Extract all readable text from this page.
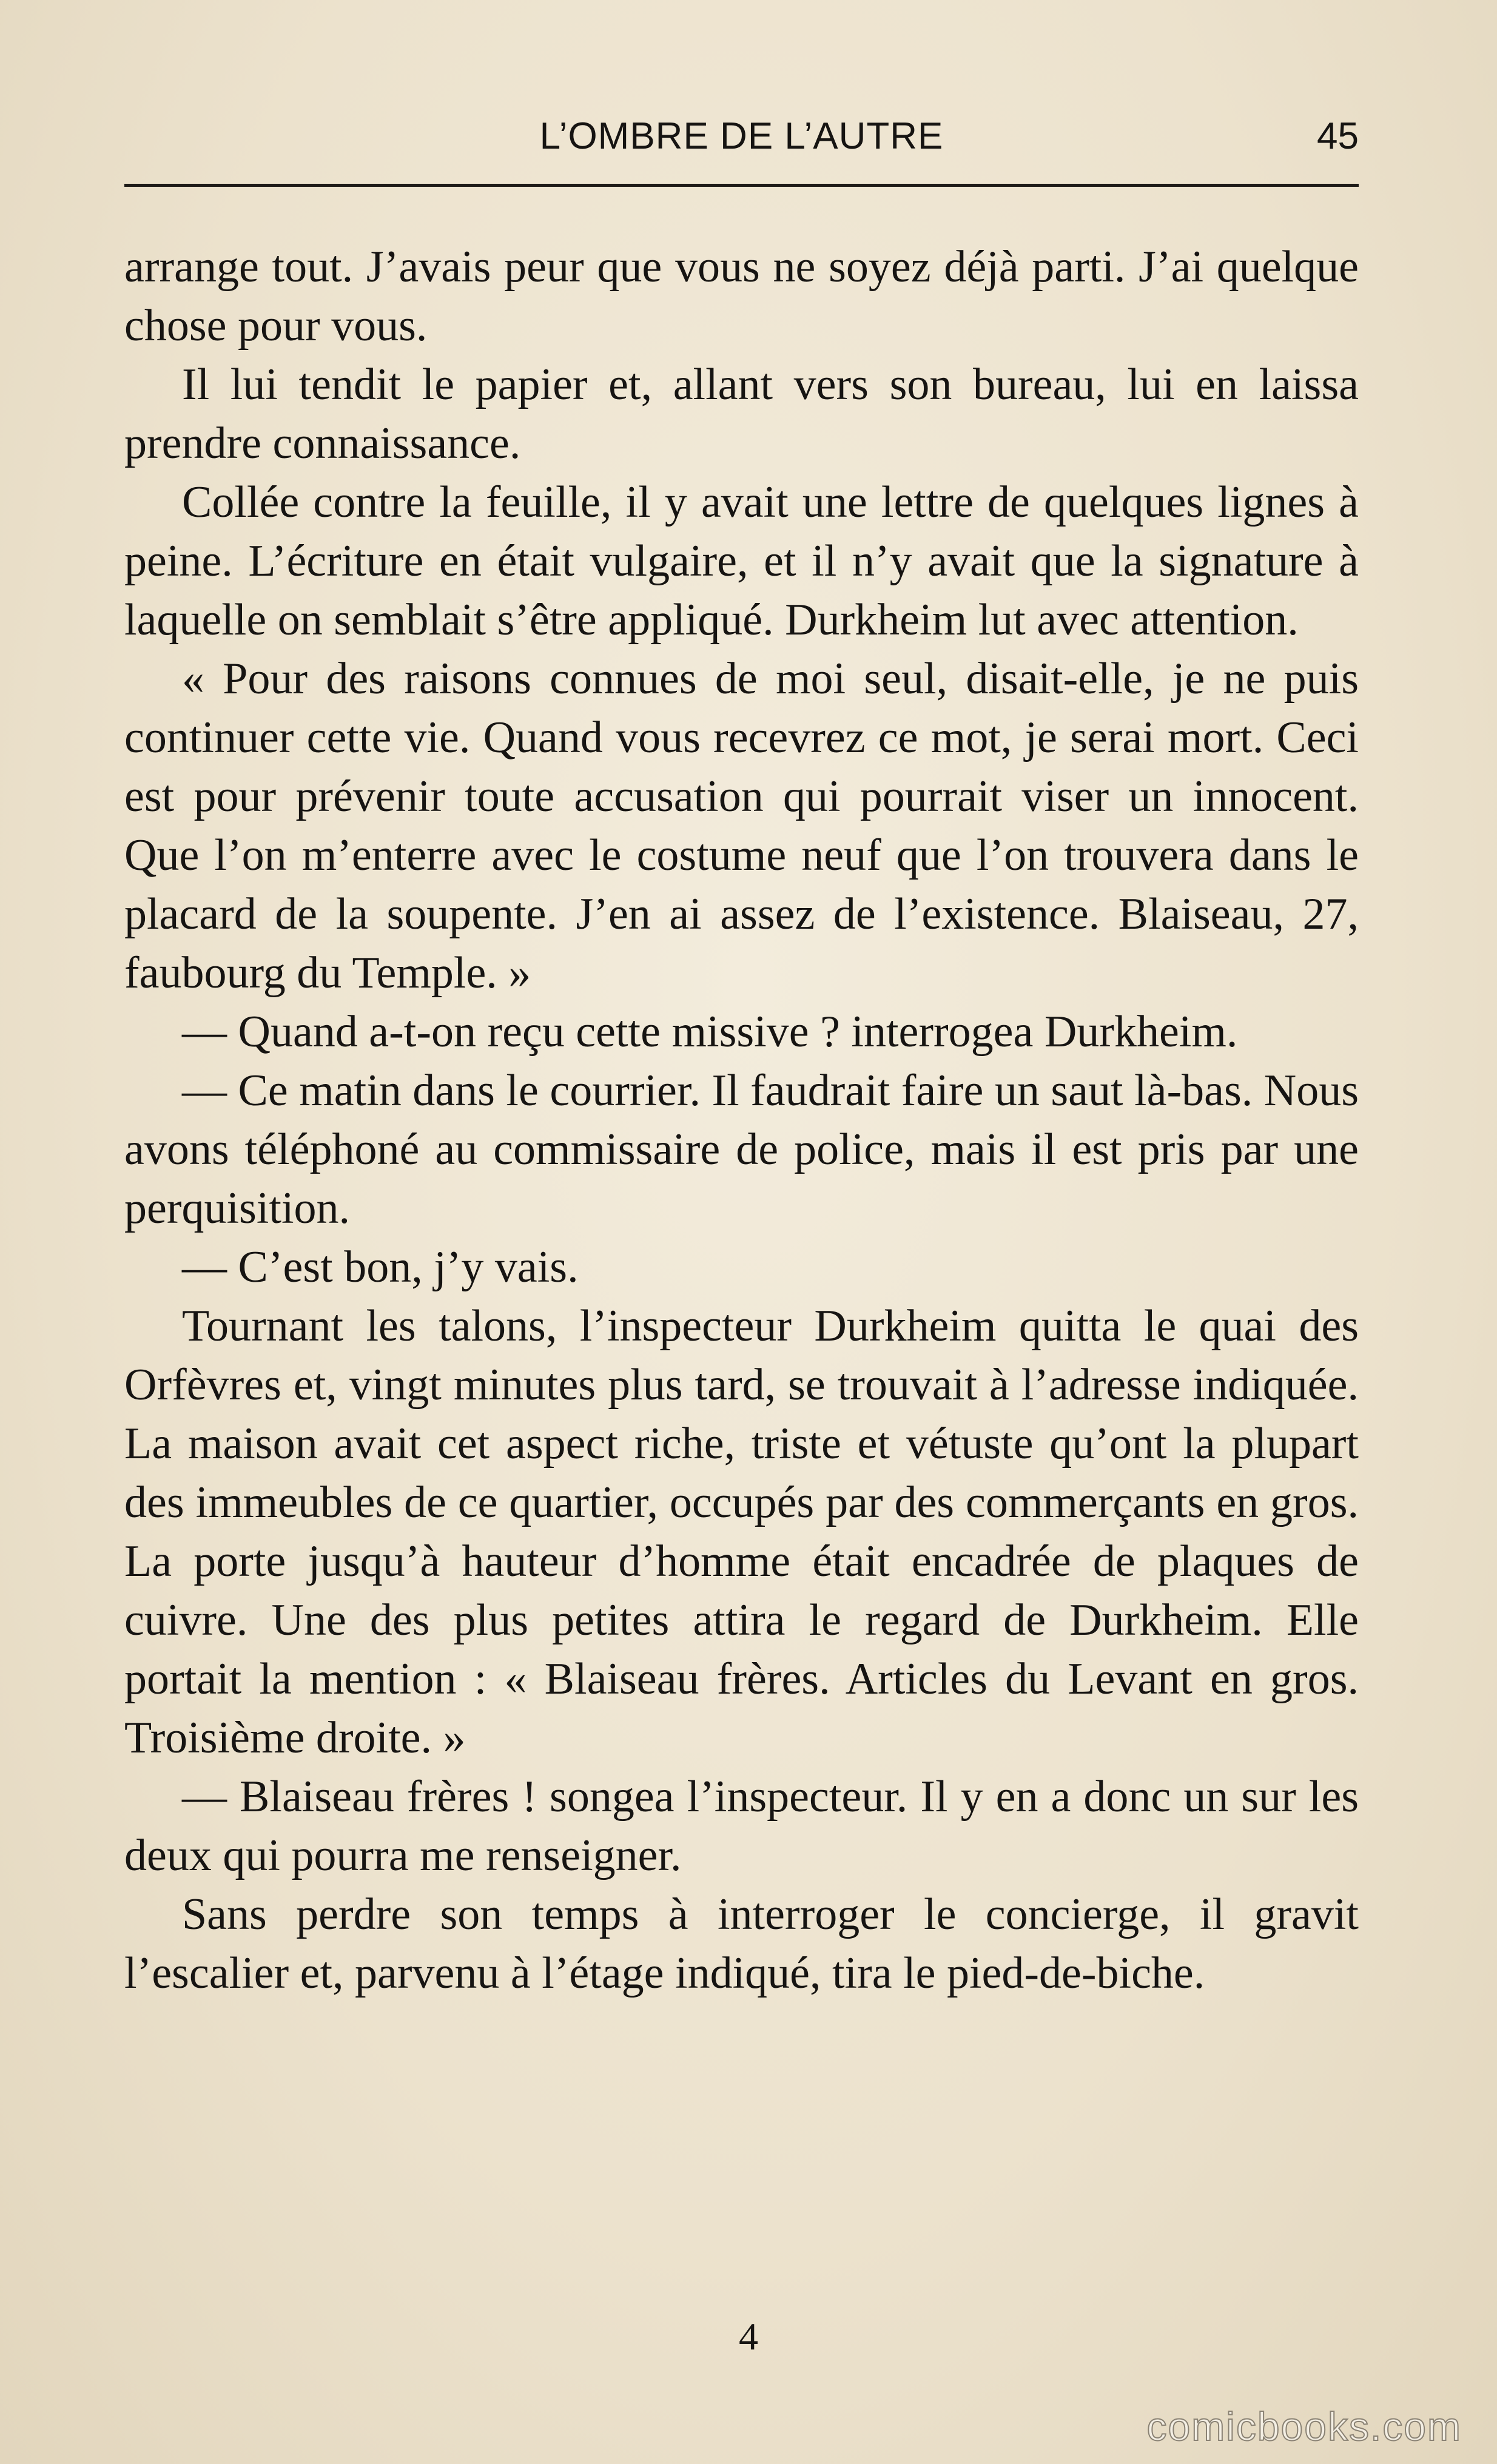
L’OMBRE DE L’AUTRE	45

arrange tout. J’avais peur que vous ne soyez déjà parti. J’ai quelque chose pour vous.

Il lui tendit le papier et, allant vers son bureau, lui en laissa prendre connaissance.

Collée contre la feuille, il y avait une lettre de quelques lignes à peine. L’écriture en était vulgaire, et il n’y avait que la signature à laquelle on semblait s’être appliqué. Durkheim lut avec attention.

« Pour des raisons connues de moi seul, disait-elle, je ne puis continuer cette vie. Quand vous recevrez ce mot, je serai mort. Ceci est pour prévenir toute accusation qui pourrait viser un innocent. Que l’on m’enterre avec le costume neuf que l’on trouvera dans le placard de la soupente. J’en ai assez de l’existence. Blaiseau, 27, faubourg du Temple. »

— Quand a-t-on reçu cette missive ? interrogea Durkheim.

— Ce matin dans le courrier. Il faudrait faire un saut là-bas. Nous avons téléphoné au commissaire de police, mais il est pris par une perquisition.

— C’est bon, j’y vais.

Tournant les talons, l’inspecteur Durkheim quitta le quai des Orfèvres et, vingt minutes plus tard, se trouvait à l’adresse indiquée. La maison avait cet aspect riche, triste et vétuste qu’ont la plupart des immeubles de ce quartier, occupés par des commerçants en gros. La porte jusqu’à hauteur d’homme était encadrée de plaques de cuivre. Une des plus petites attira le regard de Durkheim. Elle portait la mention : « Blaiseau frères. Articles du Levant en gros. Troisième droite. »

— Blaiseau frères ! songea l’inspecteur. Il y en a donc un sur les deux qui pourra me renseigner.

Sans perdre son temps à interroger le concierge, il gravit l’escalier et, parvenu à l’étage indiqué, tira le pied-de-biche.

4
comicbooks.com
